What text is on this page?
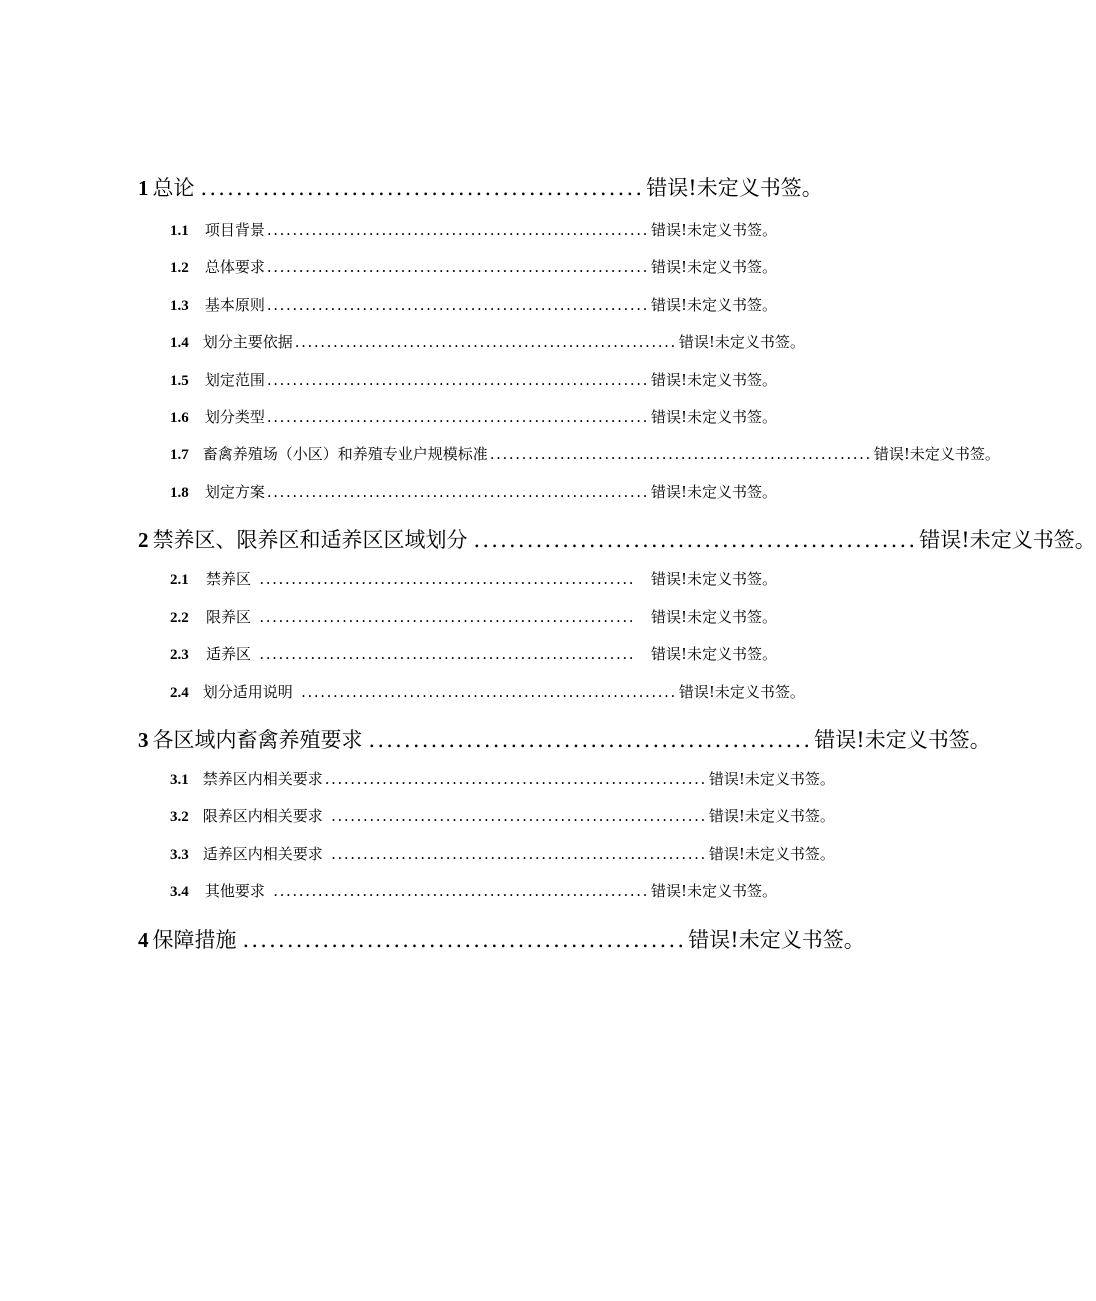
1 总论 .................................................. 错误!未定义书签。
1.1 项目背景 ............................................................ 错误!未定义书签。
1.2 总体要求 ............................................................ 错误!未定义书签。
1.3 基本原则 ............................................................ 错误!未定义书签。
1.4 划分主要依据 ............................................................ 错误!未定义书签。
1.5 划定范围 ............................................................ 错误!未定义书签。
1.6 划分类型 ............................................................ 错误!未定义书签。
1.7 畜禽养殖场（小区）和养殖专业户规模标准 ............................................................ 错误!未定义书签。
1.8 划定方案 ............................................................ 错误!未定义书签。
2 禁养区、限养区和适养区区域划分 .................................................. 错误!未定义书签。
2.1 禁养区 ...........................................................	错误!未定义书签。
2.2 限养区 ...........................................................	错误!未定义书签。
2.3 适养区 ...........................................................	错误!未定义书签。
2.4 划分适用说明 ........................................................... 错误!未定义书签。
3 各区域内畜禽养殖要求 .................................................. 错误!未定义书签。
3.1 禁养区内相关要求 ............................................................ 错误!未定义书签。
3.2 限养区内相关要求 ........................................................... 错误!未定义书签。
3.3 适养区内相关要求 ........................................................... 错误!未定义书签。
3.4 其他要求 ........................................................... 错误!未定义书签。
4 保障措施 .................................................. 错误!未定义书签。
